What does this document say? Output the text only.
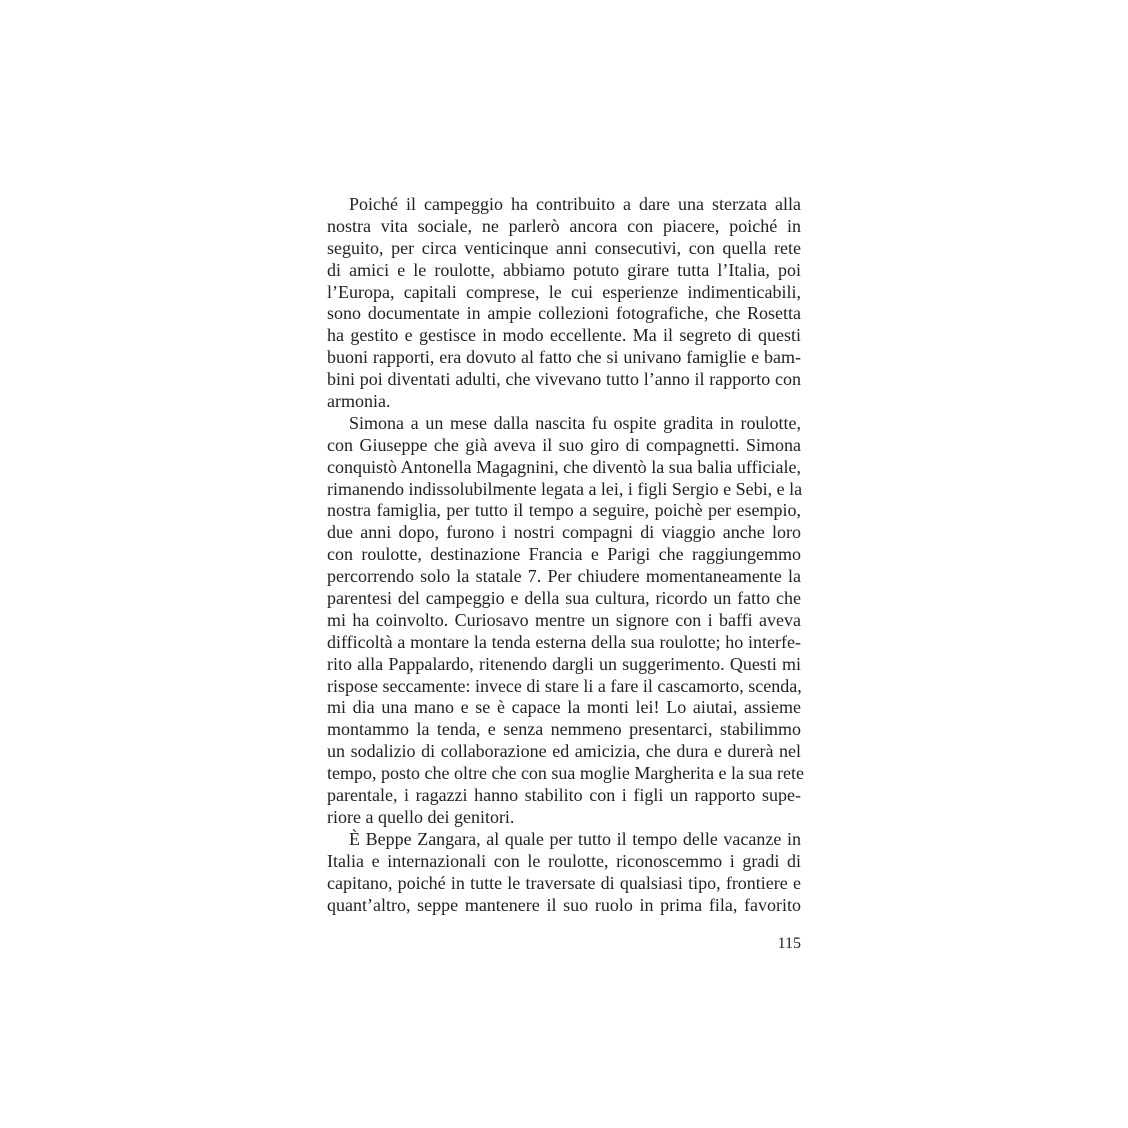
Poiché il campeggio ha contribuito a dare una sterzata alla
nostra vita sociale, ne parlerò ancora con piacere, poiché in
seguito, per circa venticinque anni consecutivi, con quella rete
di amici e le roulotte, abbiamo potuto girare tutta l’Italia, poi
l’Europa, capitali comprese, le cui esperienze indimenticabili,
sono documentate in ampie collezioni fotografiche, che Rosetta
ha gestito e gestisce in modo eccellente. Ma il segreto di questi
buoni rapporti, era dovuto al fatto che si univano famiglie e bam-
bini poi diventati adulti, che vivevano tutto l’anno il rapporto con
armonia.
Simona a un mese dalla nascita fu ospite gradita in roulotte,
con Giuseppe che già aveva il suo giro di compagnetti. Simona
conquistò Antonella Magagnini, che diventò la sua balia ufficiale,
rimanendo indissolubilmente legata a lei, i figli Sergio e Sebi, e la
nostra famiglia, per tutto il tempo a seguire, poichè per esempio,
due anni dopo, furono i nostri compagni di viaggio anche loro
con roulotte, destinazione Francia e Parigi che raggiungemmo
percorrendo solo la statale 7. Per chiudere momentaneamente la
parentesi del campeggio e della sua cultura, ricordo un fatto che
mi ha coinvolto. Curiosavo mentre un signore con i baffi aveva
difficoltà a montare la tenda esterna della sua roulotte; ho interfe-
rito alla Pappalardo, ritenendo dargli un suggerimento. Questi mi
rispose seccamente: invece di stare li a fare il cascamorto, scenda,
mi dia una mano e se è capace la monti lei! Lo aiutai, assieme
montammo la tenda, e senza nemmeno presentarci, stabilimmo
un sodalizio di collaborazione ed amicizia, che dura e durerà nel
tempo, posto che oltre che con sua moglie Margherita e la sua rete
parentale, i ragazzi hanno stabilito con i figli un rapporto supe-
riore a quello dei genitori.
È Beppe Zangara, al quale per tutto il tempo delle vacanze in
Italia e internazionali con le roulotte, riconoscemmo i gradi di
capitano, poiché in tutte le traversate di qualsiasi tipo, frontiere e
quant’altro, seppe mantenere il suo ruolo in prima fila, favorito
115
